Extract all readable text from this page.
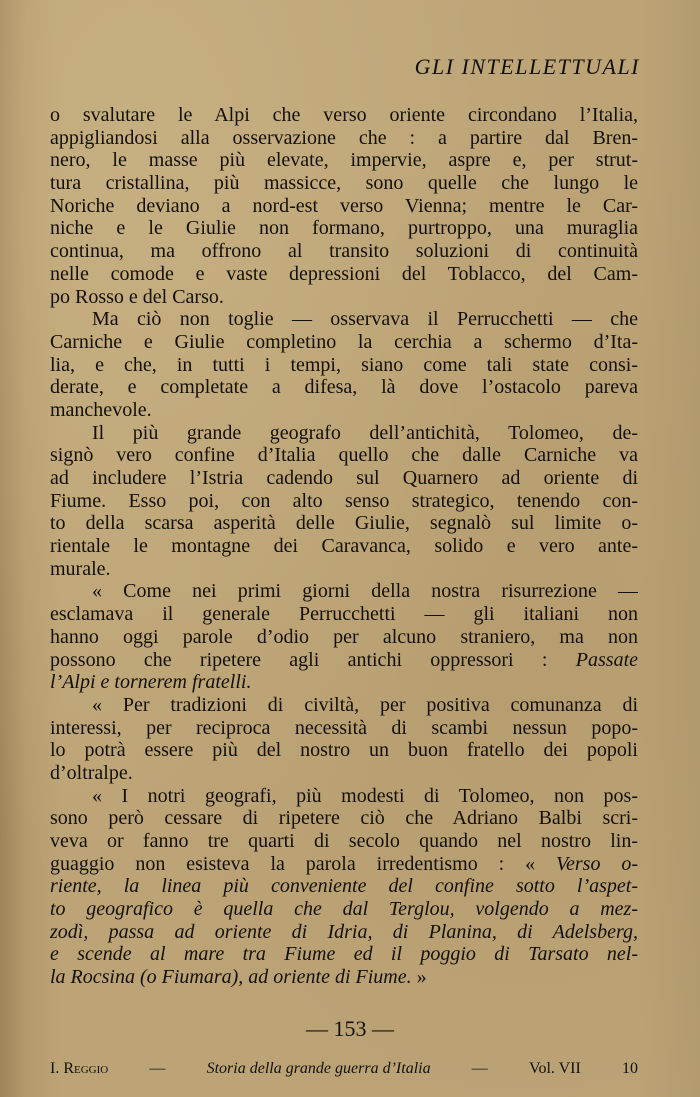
GLI INTELLETTUALI
o svalutare le Alpi che verso oriente circondano l’Italia,
appigliandosi alla osservazione che : a partire dal Bren-
nero, le masse più elevate, impervie, aspre e, per strut-
tura cristallina, più massicce, sono quelle che lungo le
Noriche deviano a nord-est verso Vienna; mentre le Car-
niche e le Giulie non formano, purtroppo, una muraglia
continua, ma offrono al transito soluzioni di continuità
nelle comode e vaste depressioni del Toblacco, del Cam-
po Rosso e del Carso.
Ma ciò non toglie — osservava il Perrucchetti — che
Carniche e Giulie completino la cerchia a schermo d’Ita-
lia, e che, in tutti i tempi, siano come tali state consi-
derate, e completate a difesa, là dove l’ostacolo pareva
manchevole.
Il più grande geografo dell’antichità, Tolomeo, de-
signò vero confine d’Italia quello che dalle Carniche va
ad includere l’Istria cadendo sul Quarnero ad oriente di
Fiume. Esso poi, con alto senso strategico, tenendo con-
to della scarsa asperità delle Giulie, segnalò sul limite o-
rientale le montagne dei Caravanca, solido e vero ante-
murale.
« Come nei primi giorni della nostra risurrezione —
esclamava il generale Perrucchetti — gli italiani non
hanno oggi parole d’odio per alcuno straniero, ma non
possono che ripetere agli antichi oppressori : Passate
l’Alpi e tornerem fratelli.
« Per tradizioni di civiltà, per positiva comunanza di
interessi, per reciproca necessità di scambi nessun popo-
lo potrà essere più del nostro un buon fratello dei popoli
d’oltralpe.
« I notri geografi, più modesti di Tolomeo, non pos-
sono però cessare di ripetere ciò che Adriano Balbi scri-
veva or fanno tre quarti di secolo quando nel nostro lin-
guaggio non esisteva la parola irredentismo : « Verso o-
riente, la linea più conveniente del confine sotto l’aspet-
to geografico è quella che dal Terglou, volgendo a mez-
zodì, passa ad oriente di Idria, di Planina, di Adelsberg,
e scende al mare tra Fiume ed il poggio di Tarsato nel-
la Rocsina (o Fiumara), ad oriente di Fiume. »
— 153 —
I. Reggio	—	Storia della grande guerra d’Italia	—	Vol. VII	10
